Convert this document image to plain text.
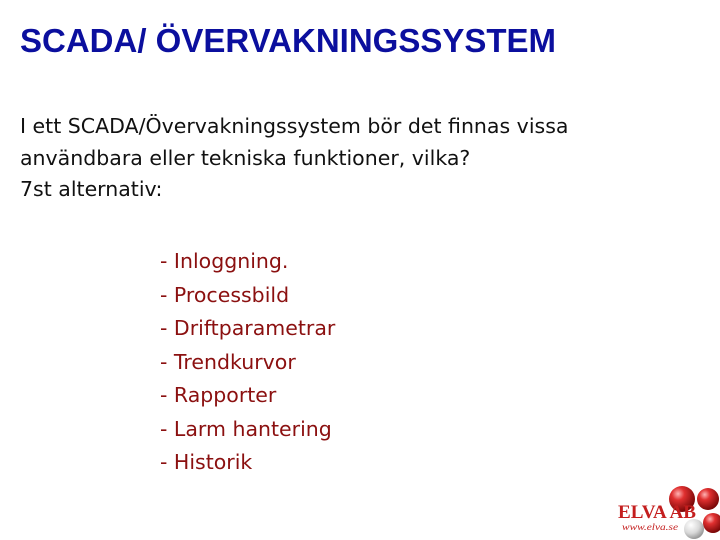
SCADA/ ÖVERVAKNINGSSYSTEM
I ett SCADA/Övervakningssystem bör det finnas vissa
användbara eller tekniska funktioner, vilka?
7st alternativ:
- Inloggning.
- Processbild
- Driftparametrar
- Trendkurvor
- Rapporter
- Larm hantering
- Historik
ELVA AB
www.elva.se
